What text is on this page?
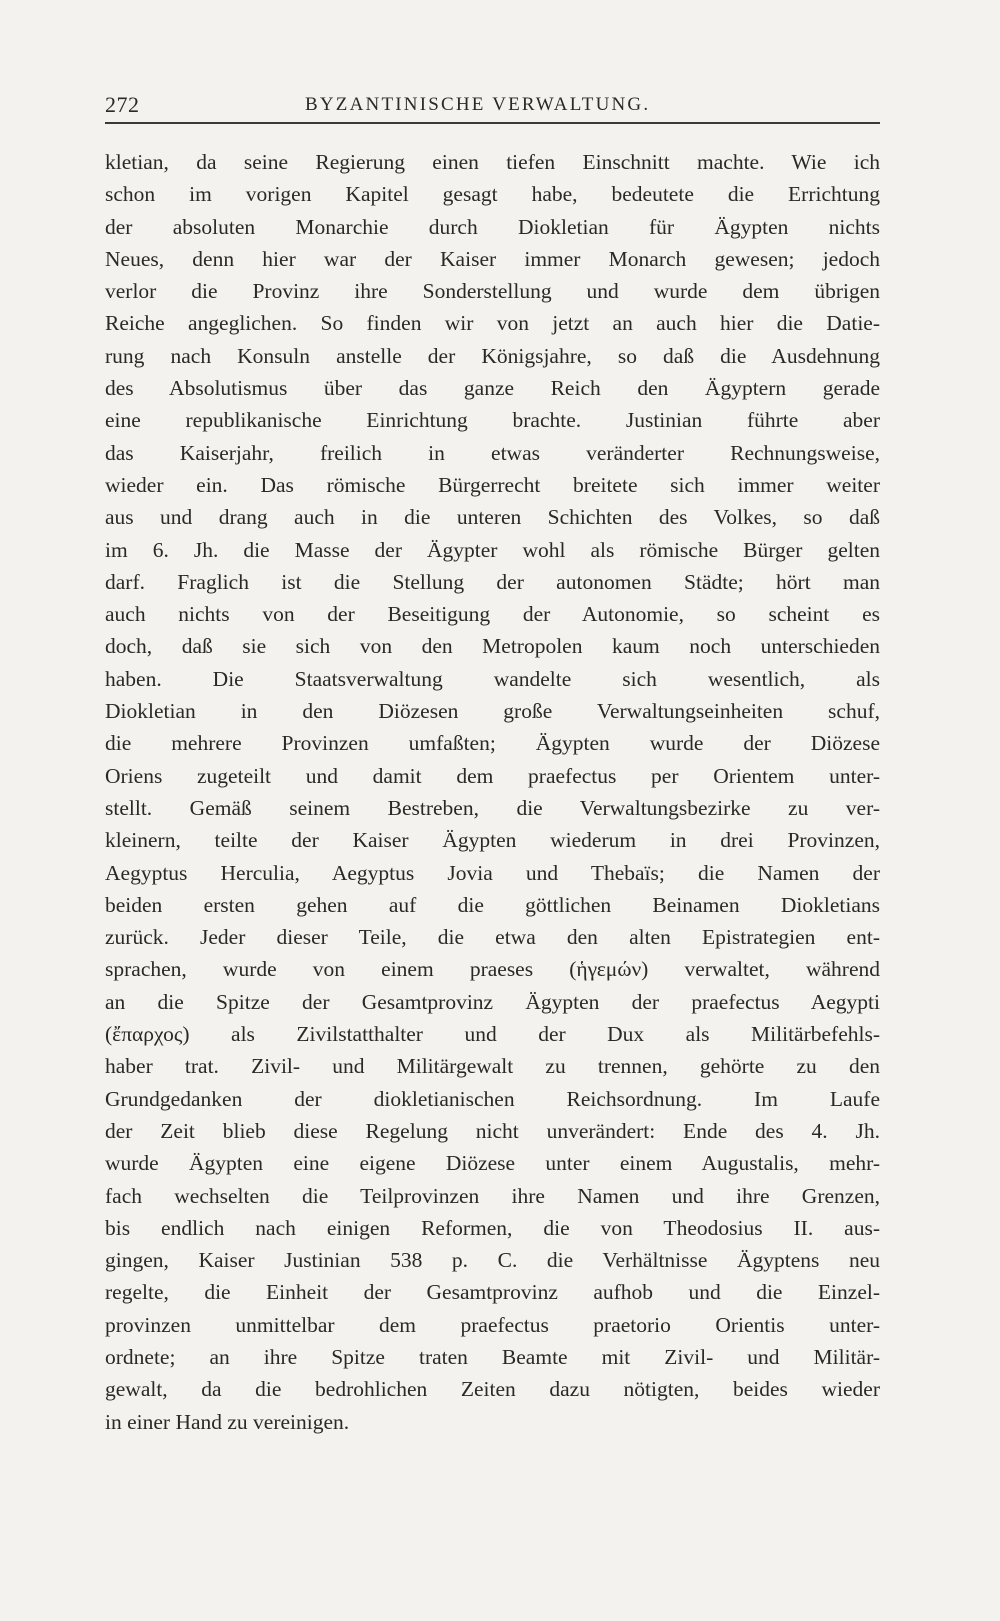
272	BYZANTINISCHE VERWALTUNG.
kletian, da seine Regierung einen tiefen Einschnitt machte. Wie ich
schon im vorigen Kapitel gesagt habe, bedeutete die Errichtung
der absoluten Monarchie durch Diokletian für Ägypten nichts
Neues, denn hier war der Kaiser immer Monarch gewesen; jedoch
verlor die Provinz ihre Sonderstellung und wurde dem übrigen
Reiche angeglichen. So finden wir von jetzt an auch hier die Datie-
rung nach Konsuln anstelle der Königsjahre, so daß die Ausdehnung
des Absolutismus über das ganze Reich den Ägyptern gerade
eine republikanische Einrichtung brachte. Justinian führte aber
das Kaiserjahr, freilich in etwas veränderter Rechnungsweise,
wieder ein. Das römische Bürgerrecht breitete sich immer weiter
aus und drang auch in die unteren Schichten des Volkes, so daß
im 6. Jh. die Masse der Ägypter wohl als römische Bürger gelten
darf. Fraglich ist die Stellung der autonomen Städte; hört man
auch nichts von der Beseitigung der Autonomie, so scheint es
doch, daß sie sich von den Metropolen kaum noch unterschieden
haben. Die Staatsverwaltung wandelte sich wesentlich, als
Diokletian in den Diözesen große Verwaltungseinheiten schuf,
die mehrere Provinzen umfaßten; Ägypten wurde der Diözese
Oriens zugeteilt und damit dem praefectus per Orientem unter-
stellt. Gemäß seinem Bestreben, die Verwaltungsbezirke zu ver-
kleinern, teilte der Kaiser Ägypten wiederum in drei Provinzen,
Aegyptus Herculia, Aegyptus Jovia und Thebaïs; die Namen der
beiden ersten gehen auf die göttlichen Beinamen Diokletians
zurück. Jeder dieser Teile, die etwa den alten Epistrategien ent-
sprachen, wurde von einem praeses (ἡγεμών) verwaltet, während
an die Spitze der Gesamtprovinz Ägypten der praefectus Aegypti
(ἔπαρχος) als Zivilstatthalter und der Dux als Militärbefehls-
haber trat. Zivil- und Militärgewalt zu trennen, gehörte zu den
Grundgedanken der diokletianischen Reichsordnung. Im Laufe
der Zeit blieb diese Regelung nicht unverändert: Ende des 4. Jh.
wurde Ägypten eine eigene Diözese unter einem Augustalis, mehr-
fach wechselten die Teilprovinzen ihre Namen und ihre Grenzen,
bis endlich nach einigen Reformen, die von Theodosius II. aus-
gingen, Kaiser Justinian 538 p. C. die Verhältnisse Ägyptens neu
regelte, die Einheit der Gesamtprovinz aufhob und die Einzel-
provinzen unmittelbar dem praefectus praetorio Orientis unter-
ordnete; an ihre Spitze traten Beamte mit Zivil- und Militär-
gewalt, da die bedrohlichen Zeiten dazu nötigten, beides wieder
in einer Hand zu vereinigen.
